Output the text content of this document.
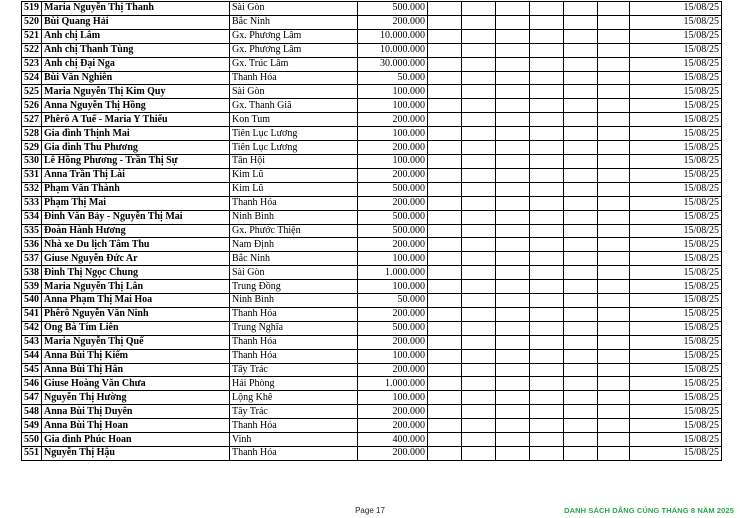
519	Maria Nguyễn Thị Thanh	Sài Gòn	500.000							15/08/25
520	Bùi Quang Hải	Bắc Ninh	200.000							15/08/25
521	Anh chị Lâm	Gx. Phương Lâm	10.000.000							15/08/25
522	Anh chị Thanh Tùng	Gx. Phương Lâm	10.000.000							15/08/25
523	Anh chị Đại Nga	Gx. Trúc Lâm	30.000.000							15/08/25
524	Bùi Văn Nghiên	Thanh Hóa	50.000							15/08/25
525	Maria Nguyễn Thị Kim Quy	Sài Gòn	100.000							15/08/25
526	Anna Nguyễn Thị Hồng	Gx. Thanh Giã	100.000							15/08/25
527	Phêrô A Tuế - Maria Y Thiểu	Kon Tum	200.000							15/08/25
528	Gia đình Thịnh Mai	Tiên Lục Lương	100.000							15/08/25
529	Gia đình Thu Phương	Tiên Lục Lương	200.000							15/08/25
530	Lê Hồng Phương - Trần Thị Sự	Tân Hội	100.000							15/08/25
531	Anna Trần Thị Lài	Kim Lũ	200.000							15/08/25
532	Phạm Văn Thành	Kim Lũ	500.000							15/08/25
533	Phạm Thị Mai	Thanh Hóa	200.000							15/08/25
534	Đinh Văn Bảy - Nguyễn Thị Mai	Ninh Bình	500.000							15/08/25
535	Đoàn Hành Hương	Gx. Phước Thiện	500.000							15/08/25
536	Nhà xe Du lịch Tâm Thu	Nam Định	200.000							15/08/25
537	Giuse Nguyễn Đức Ar	Bắc Ninh	100.000							15/08/25
538	Đinh Thị Ngọc Chung	Sài Gòn	1.000.000							15/08/25
539	Maria Nguyễn Thị Lân	Trung Đồng	100.000							15/08/25
540	Anna Phạm Thị Mai Hoa	Ninh Bình	50.000							15/08/25
541	Phêrô Nguyễn Văn Ninh	Thanh Hóa	200.000							15/08/25
542	Ông Bà Tím Liên	Trung Nghĩa	500.000							15/08/25
543	Maria Nguyễn Thị Quế	Thanh Hóa	200.000							15/08/25
544	Anna Bùi Thị Kiếm	Thanh Hóa	100.000							15/08/25
545	Anna Bùi Thị Hân	Tây Trác	200.000							15/08/25
546	Giuse Hoàng Văn Chưa	Hải Phòng	1.000.000							15/08/25
547	Nguyễn Thị Hường	Lộng Khê	100.000							15/08/25
548	Anna Bùi Thị Duyên	Tây Trác	200.000							15/08/25
549	Anna Bùi Thị Hoan	Thanh Hóa	200.000							15/08/25
550	Gia đình Phúc Hoan	Vinh	400.000							15/08/25
551	Nguyễn Thị Hậu	Thanh Hóa	200.000							15/08/25
Page 17	DANH SÁCH DÂNG CÚNG THÁNG 8 NĂM 2025
